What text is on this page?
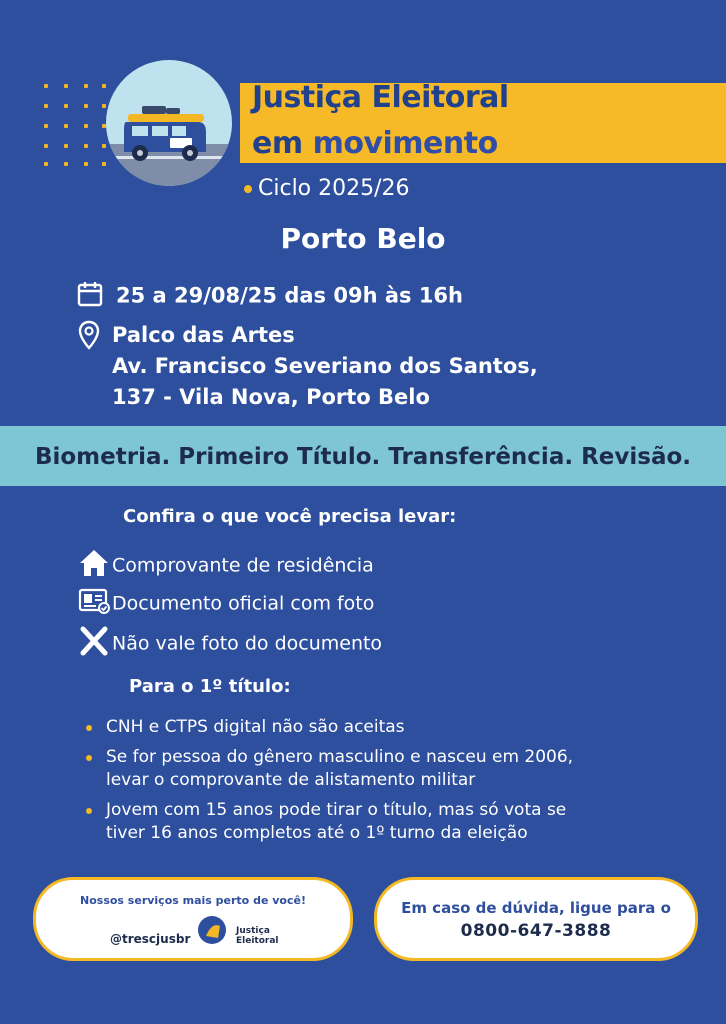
Justiça Eleitoral
em movimento
Ciclo 2025/26
Porto Belo
25 a 29/08/25 das 09h às 16h
Palco das Artes
Av. Francisco Severiano dos Santos,
137 - Vila Nova, Porto Belo
Biometria. Primeiro Título. Transferência. Revisão.
Confira o que você precisa levar:
Comprovante de residência
Documento oficial com foto
Não vale foto do documento
Para o 1º título:
CNH e CTPS digital não são aceitas
Se for pessoa do gênero masculino e nasceu em 2006, levar o comprovante de alistamento militar
Jovem com 15 anos pode tirar o título, mas só vota se tiver 16 anos completos até o 1º turno da eleição
Nossos serviços mais perto de você!
@trescjusbr
Justiça
Eleitoral
Em caso de dúvida, ligue para o
0800-647-3888
